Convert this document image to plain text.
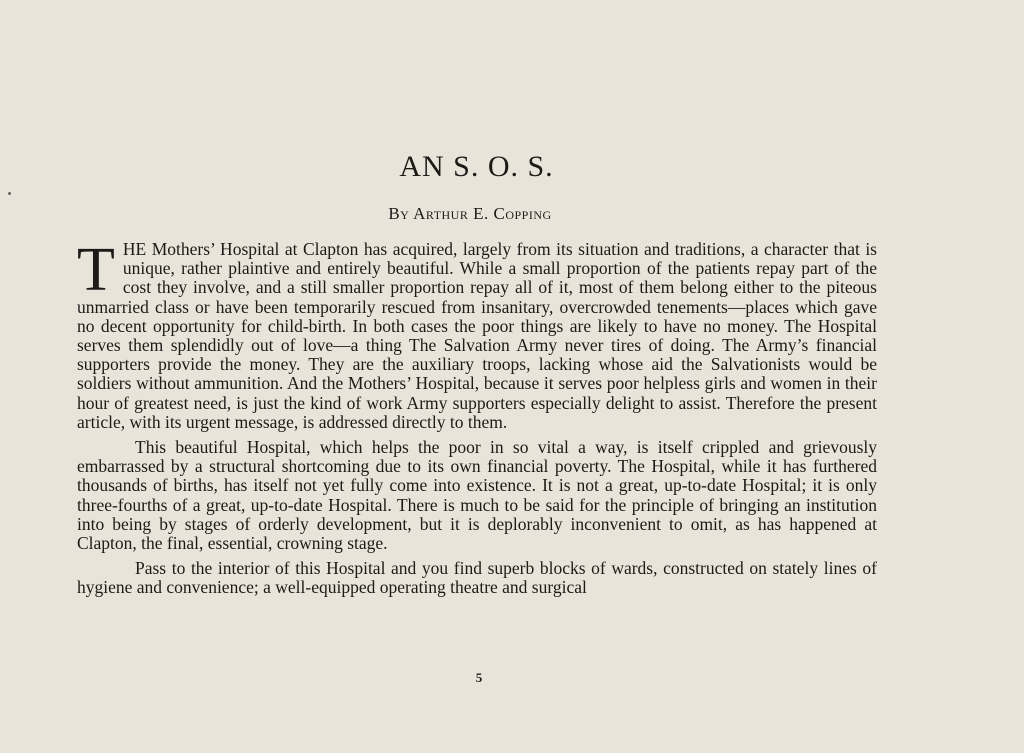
AN S. O. S.

By Arthur E. Copping

THE Mothers’ Hospital at Clapton has acquired, largely from its situation and traditions, a character that is unique, rather plaintive and entirely beautiful. While a small proportion of the patients repay part of the cost they involve, and a still smaller proportion repay all of it, most of them belong either to the piteous unmarried class or have been temporarily rescued from insanitary, overcrowded tenements—places which gave no decent opportunity for child-birth. In both cases the poor things are likely to have no money. The Hospital serves them splendidly out of love—a thing The Salvation Army never tires of doing. The Army’s financial supporters provide the money. They are the auxiliary troops, lacking whose aid the Salvationists would be soldiers without ammunition. And the Mothers’ Hospital, because it serves poor helpless girls and women in their hour of greatest need, is just the kind of work Army supporters especially delight to assist. Therefore the present article, with its urgent message, is addressed directly to them.

This beautiful Hospital, which helps the poor in so vital a way, is itself crippled and grievously embarrassed by a structural shortcoming due to its own financial poverty. The Hospital, while it has furthered thousands of births, has itself not yet fully come into existence. It is not a great, up-to-date Hospital; it is only three-fourths of a great, up-to-date Hospital. There is much to be said for the principle of bringing an institution into being by stages of orderly development, but it is deplorably inconvenient to omit, as has happened at Clapton, the final, essential, crowning stage.

Pass to the interior of this Hospital and you find superb blocks of wards, constructed on stately lines of hygiene and convenience; a well-equipped operating theatre and surgical

5
